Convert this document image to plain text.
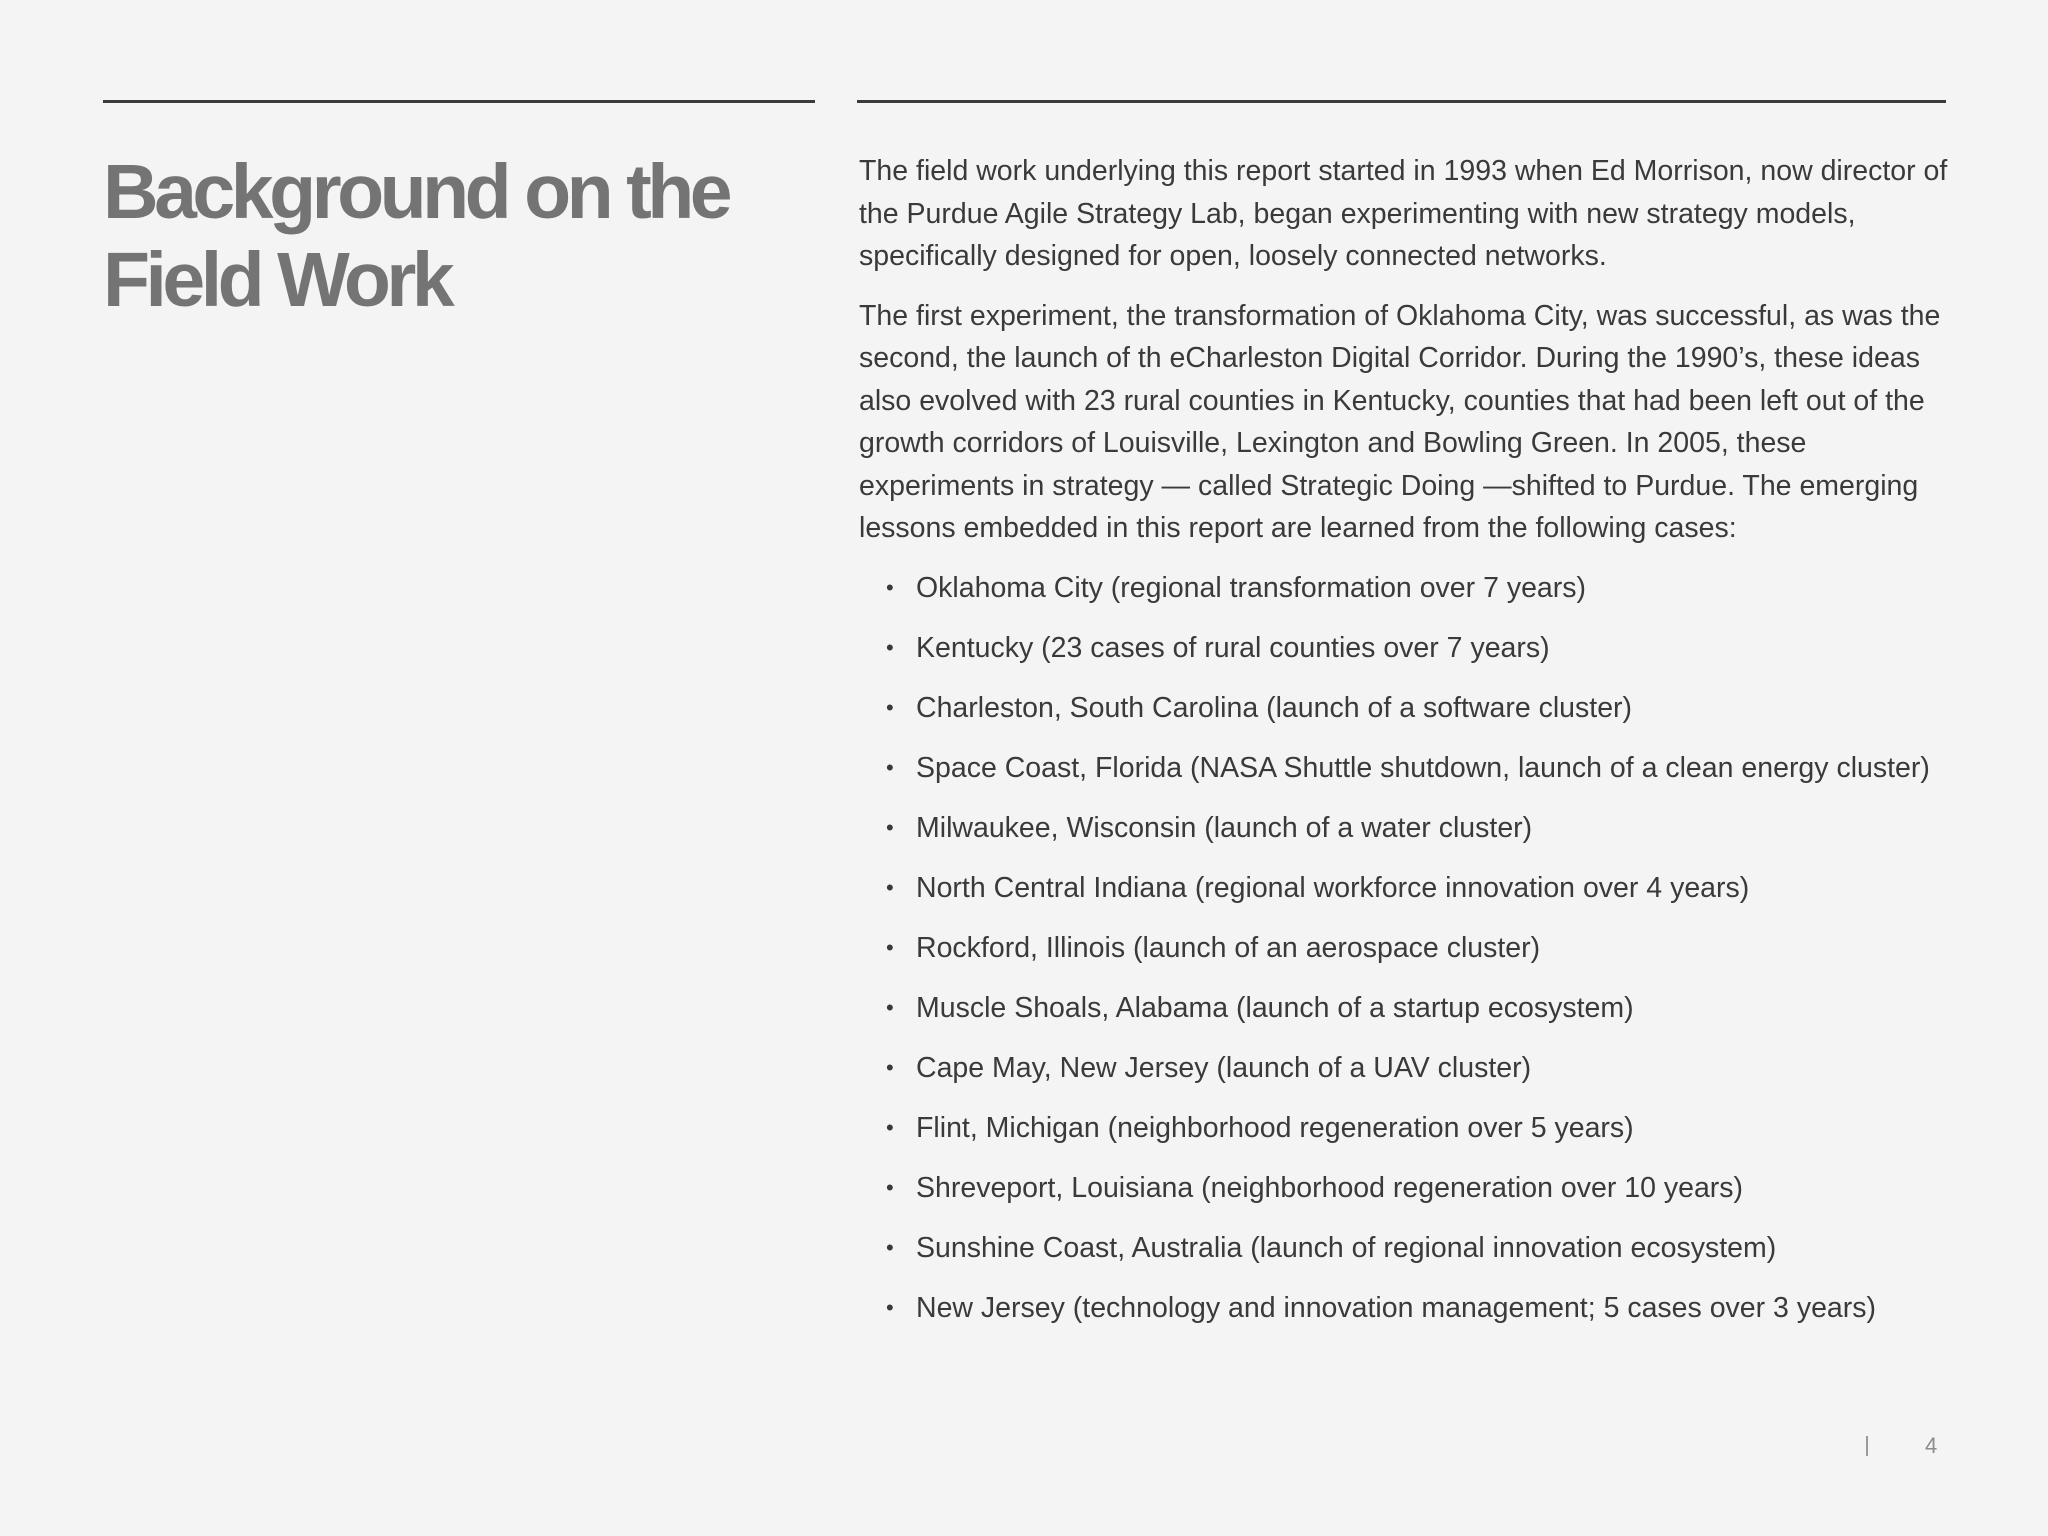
Background on the Field Work

The field work underlying this report started in 1993 when Ed Morrison, now director of the Purdue Agile Strategy Lab, began experimenting with new strategy models, specifically designed for open, loosely connected networks.

The first experiment, the transformation of Oklahoma City, was successful, as was the second, the launch of th eCharleston Digital Corridor. During the 1990’s, these ideas also evolved with 23 rural counties in Kentucky, counties that had been left out of the growth corridors of Louisville, Lexington and Bowling Green. In 2005, these experiments in strategy — called Strategic Doing —shifted to Purdue. The emerging lessons embedded in this report are learned from the following cases:

• Oklahoma City (regional transformation over 7 years)
• Kentucky (23 cases of rural counties over 7 years)
• Charleston, South Carolina (launch of a software cluster)
• Space Coast, Florida (NASA Shuttle shutdown, launch of a clean energy cluster)
• Milwaukee, Wisconsin (launch of a water cluster)
• North Central Indiana (regional workforce innovation over 4 years)
• Rockford, Illinois (launch of an aerospace cluster)
• Muscle Shoals, Alabama (launch of a startup ecosystem)
• Cape May, New Jersey (launch of a UAV cluster)
• Flint, Michigan (neighborhood regeneration over 5 years)
• Shreveport, Louisiana (neighborhood regeneration over 10 years)
• Sunshine Coast, Australia (launch of regional innovation ecosystem)
• New Jersey (technology and innovation management; 5 cases over 3 years)
4
